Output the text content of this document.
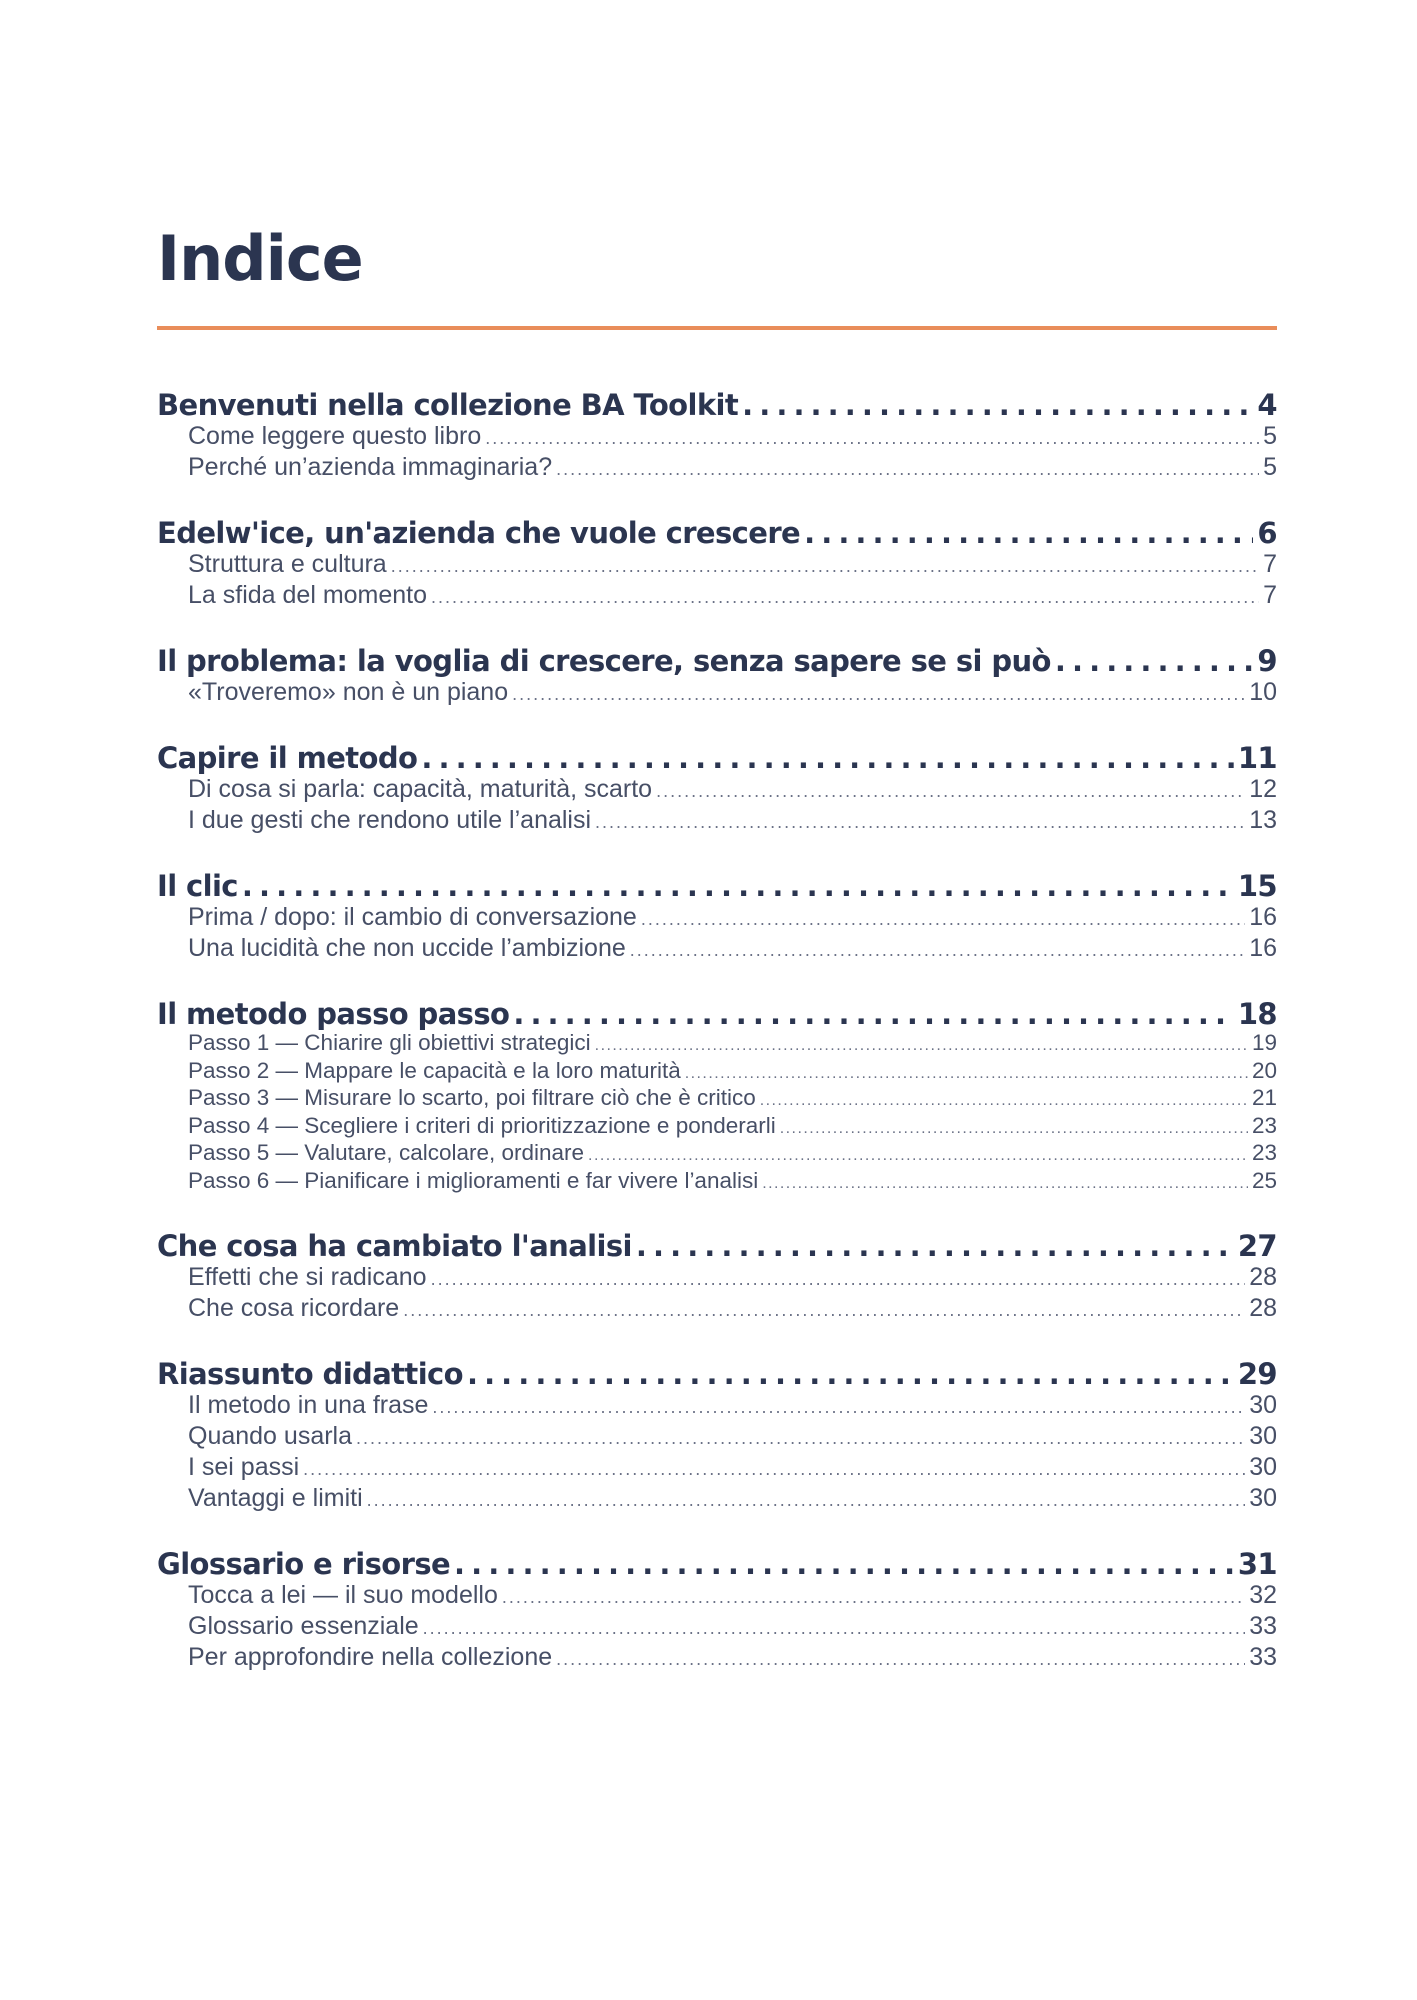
Indice
Benvenuti nella collezione BA Toolkit . . .	4
Come leggere questo libro . . .	5
Perché un’azienda immaginaria? . . .	5
Edelw'ice, un'azienda che vuole crescere . . .	6
Struttura e cultura . . .	7
La sfida del momento . . .	7
Il problema: la voglia di crescere, senza sapere se si può . . .	9
«Troveremo» non è un piano . . .	10
Capire il metodo . . .	11
Di cosa si parla: capacità, maturità, scarto . . .	12
I due gesti che rendono utile l’analisi . . .	13
Il clic . . .	15
Prima / dopo: il cambio di conversazione . . .	16
Una lucidità che non uccide l’ambizione . . .	16
Il metodo passo passo . . .	18
Passo 1 — Chiarire gli obiettivi strategici . . .	19
Passo 2 — Mappare le capacità e la loro maturità . . .	20
Passo 3 — Misurare lo scarto, poi filtrare ciò che è critico . . .	21
Passo 4 — Scegliere i criteri di prioritizzazione e ponderarli . . .	23
Passo 5 — Valutare, calcolare, ordinare . . .	23
Passo 6 — Pianificare i miglioramenti e far vivere l’analisi . . .	25
Che cosa ha cambiato l'analisi . . .	27
Effetti che si radicano . . .	28
Che cosa ricordare . . .	28
Riassunto didattico . . .	29
Il metodo in una frase . . .	30
Quando usarla . . .	30
I sei passi . . .	30
Vantaggi e limiti . . .	30
Glossario e risorse . . .	31
Tocca a lei — il suo modello . . .	32
Glossario essenziale . . .	33
Per approfondire nella collezione . . .	33
